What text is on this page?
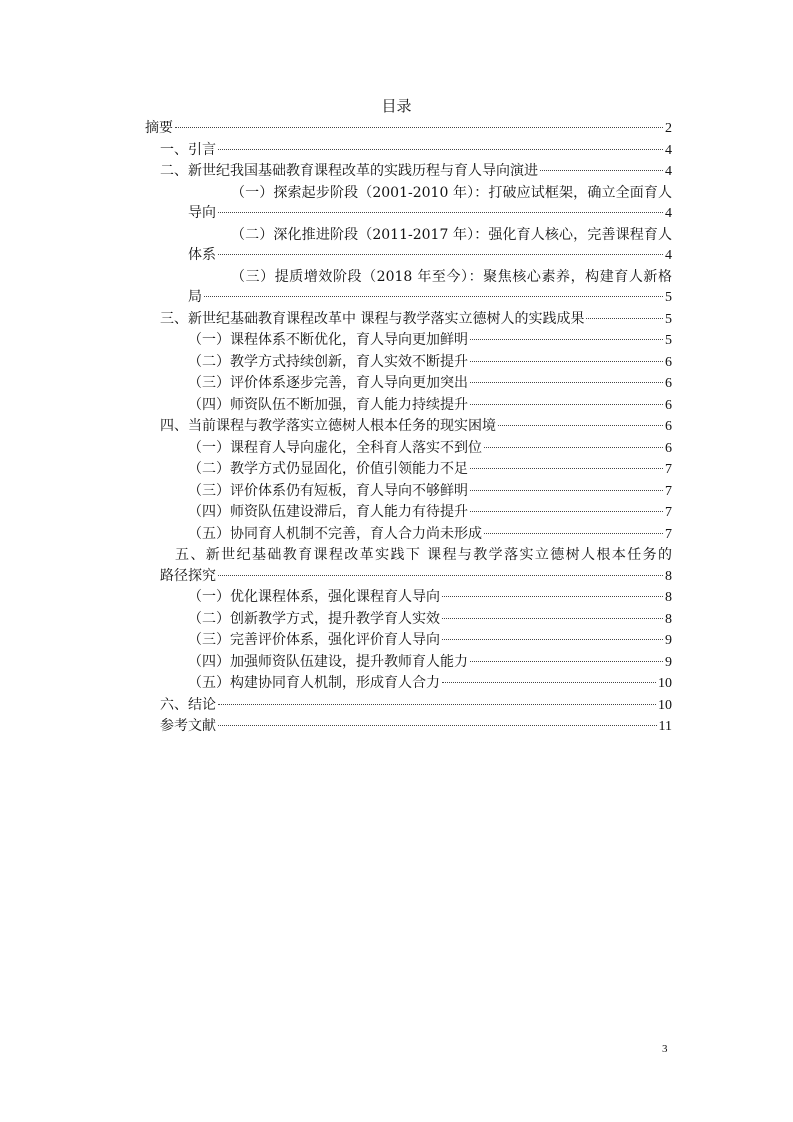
目录
摘要	2
一、引言	4
二、新世纪我国基础教育课程改革的实践历程与育人导向演进	4
（一）探索起步阶段（2001-2010 年）：打破应试框架，确立全面育人
导向	4
（二）深化推进阶段（2011-2017 年）：强化育人核心，完善课程育人
体系	4
（三）提质增效阶段（2018 年至今）：聚焦核心素养，构建育人新格
局	5
三、新世纪基础教育课程改革中 课程与教学落实立德树人的实践成果	5
（一）课程体系不断优化，育人导向更加鲜明	5
（二）教学方式持续创新，育人实效不断提升	6
（三）评价体系逐步完善，育人导向更加突出	6
（四）师资队伍不断加强，育人能力持续提升	6
四、当前课程与教学落实立德树人根本任务的现实困境	6
（一）课程育人导向虚化，全科育人落实不到位	6
（二）教学方式仍显固化，价值引领能力不足	7
（三）评价体系仍有短板，育人导向不够鲜明	7
（四）师资队伍建设滞后，育人能力有待提升	7
（五）协同育人机制不完善，育人合力尚未形成	7
五、新世纪基础教育课程改革实践下 课程与教学落实立德树人根本任务的
路径探究	8
（一）优化课程体系，强化课程育人导向	8
（二）创新教学方式，提升教学育人实效	8
（三）完善评价体系，强化评价育人导向	9
（四）加强师资队伍建设，提升教师育人能力	9
（五）构建协同育人机制，形成育人合力	10
六、结论	10
参考文献	11
3
